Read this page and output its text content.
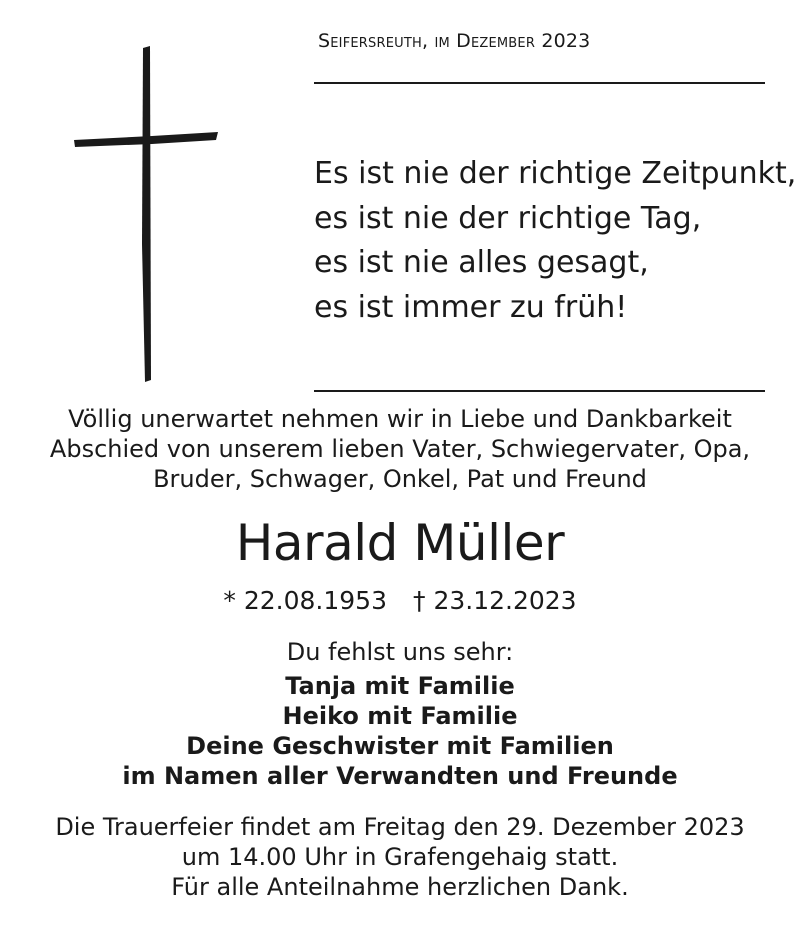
Seifersreuth, im Dezember 2023
Es ist nie der richtige Zeitpunkt,
es ist nie der richtige Tag,
es ist nie alles gesagt,
es ist immer zu früh!
Völlig unerwartet nehmen wir in Liebe und Dankbarkeit
Abschied von unserem lieben Vater, Schwiegervater, Opa,
Bruder, Schwager, Onkel, Pat und Freund
Harald Müller
* 22.08.1953 † 23.12.2023
Du fehlst uns sehr:
Tanja mit Familie
Heiko mit Familie
Deine Geschwister mit Familien
im Namen aller Verwandten und Freunde
Die Trauerfeier findet am Freitag den 29. Dezember 2023
um 14.00 Uhr in Grafengehaig statt.
Für alle Anteilnahme herzlichen Dank.
